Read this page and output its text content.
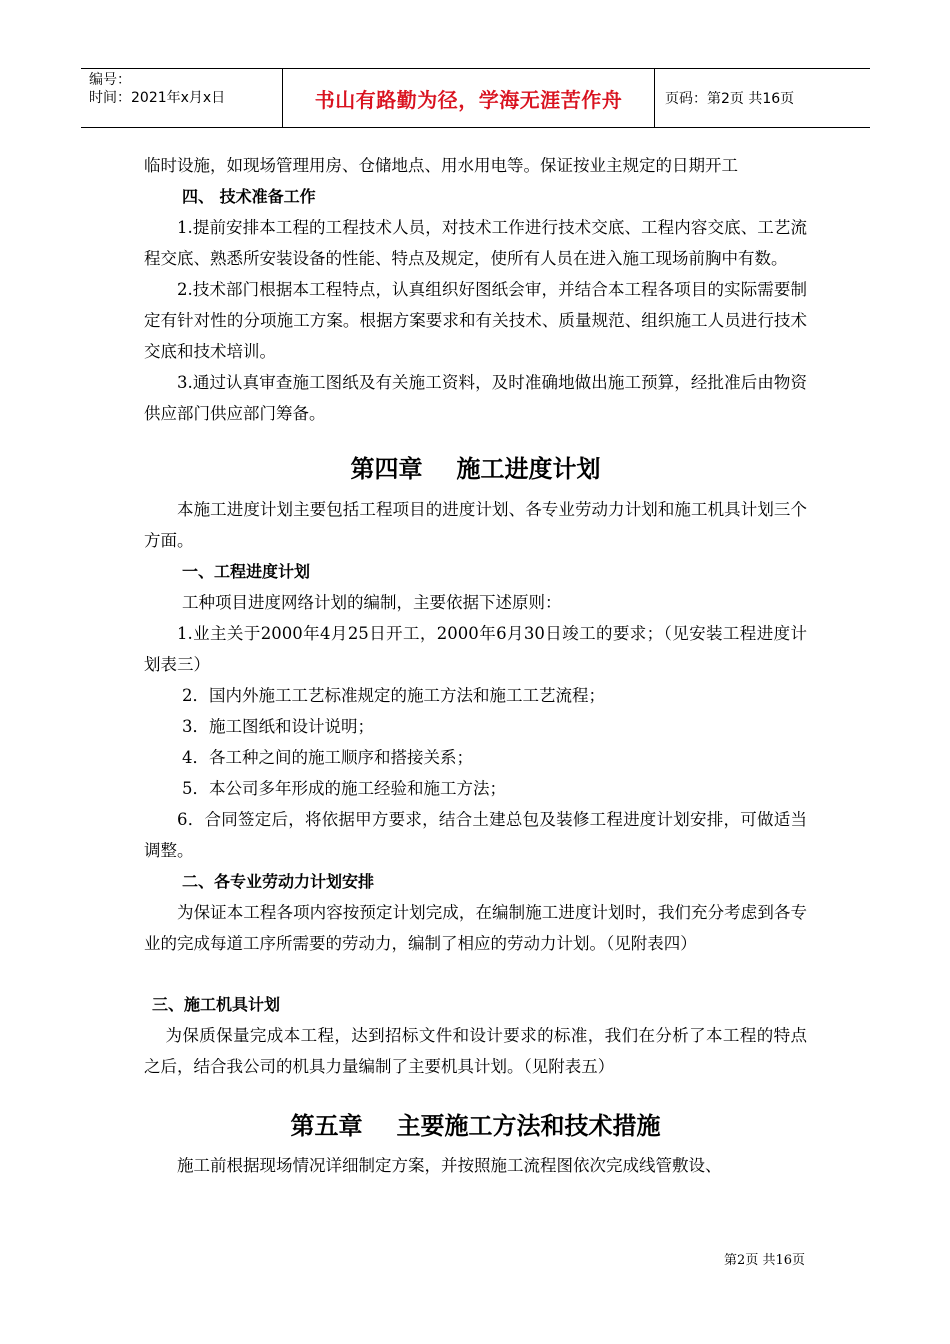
编号：
时间：2021年x月x日	书山有路勤为径，学海无涯苦作舟	页码：第2页 共16页

临时设施，如现场管理用房、仓储地点、用水用电等。保证按业主规定的日期开工

四、 技术准备工作

1.提前安排本工程的工程技术人员，对技术工作进行技术交底、工程内容交底、工艺流程交底、熟悉所安装设备的性能、特点及规定，使所有人员在进入施工现场前胸中有数。

2.技术部门根据本工程特点，认真组织好图纸会审，并结合本工程各项目的实际需要制定有针对性的分项施工方案。根据方案要求和有关技术、质量规范、组织施工人员进行技术交底和技术培训。

3.通过认真审查施工图纸及有关施工资料，及时准确地做出施工预算，经批准后由物资供应部门供应部门筹备。

第四章 施工进度计划

本施工进度计划主要包括工程项目的进度计划、各专业劳动力计划和施工机具计划三个方面。

一、工程进度计划

工种项目进度网络计划的编制，主要依据下述原则：

1.业主关于2000年4月25日开工，2000年6月30日竣工的要求；（见安装工程进度计划表三）

2．国内外施工工艺标准规定的施工方法和施工工艺流程；

3．施工图纸和设计说明；

4．各工种之间的施工顺序和搭接关系；

5．本公司多年形成的施工经验和施工方法；

6．合同签定后，将依据甲方要求，结合土建总包及装修工程进度计划安排，可做适当调整。

二、各专业劳动力计划安排

为保证本工程各项内容按预定计划完成，在编制施工进度计划时，我们充分考虑到各专业的完成每道工序所需要的劳动力，编制了相应的劳动力计划。（见附表四）

三、施工机具计划

为保质保量完成本工程，达到招标文件和设计要求的标准，我们在分析了本工程的特点之后，结合我公司的机具力量编制了主要机具计划。（见附表五）

第五章 主要施工方法和技术措施

施工前根据现场情况详细制定方案，并按照施工流程图依次完成线管敷设、

第2页 共16页
